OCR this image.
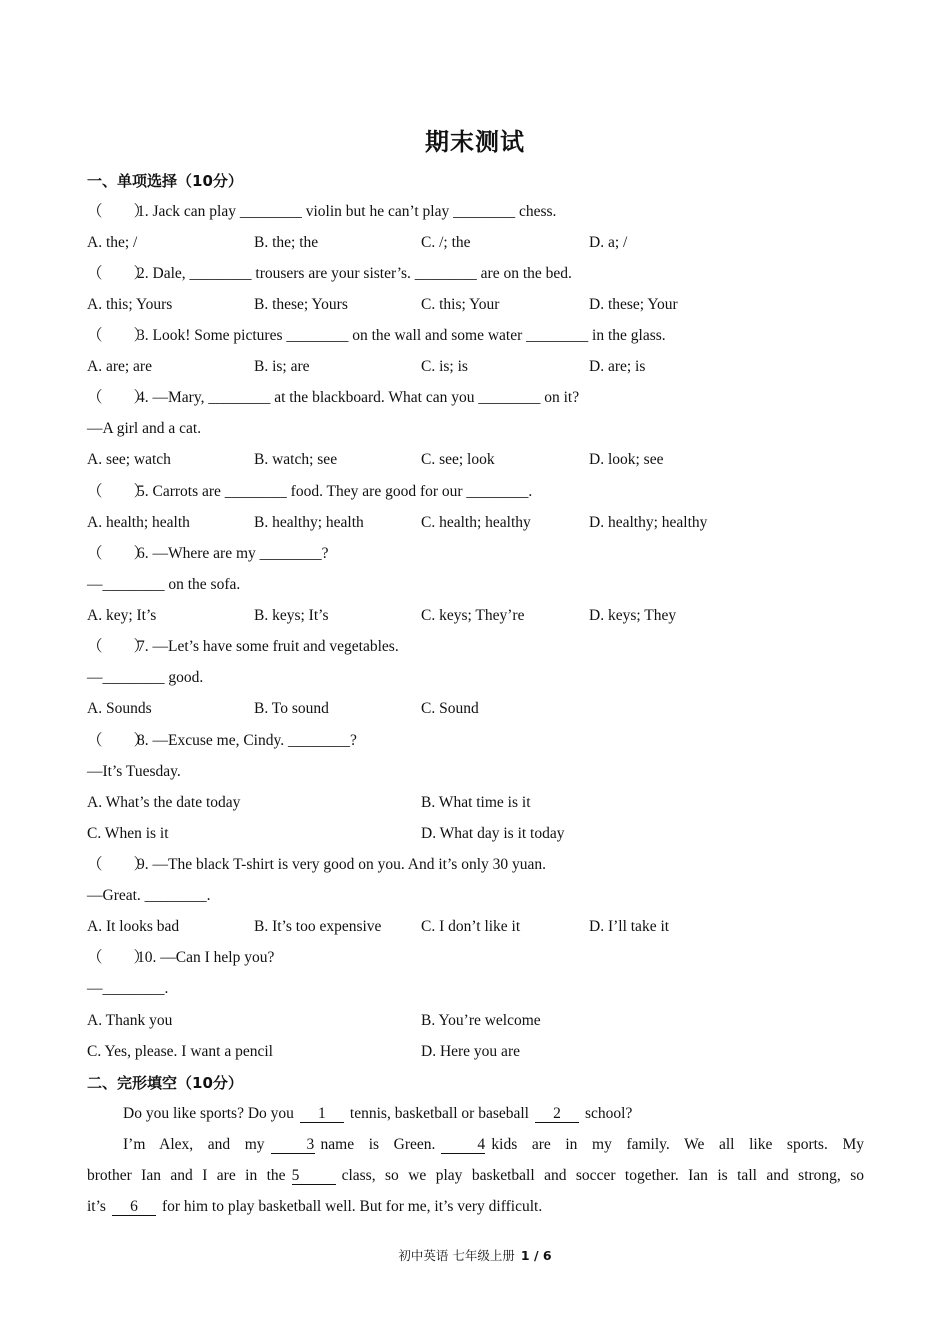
期末测试
一、单项选择（10分）
（　　）1. Jack can play ________ violin but he can’t play ________ chess.
A. the; /	B. the; the	C. /; the	D. a; /
（　　）2. Dale, ________ trousers are your sister’s. ________ are on the bed.
A. this; Yours	B. these; Yours	C. this; Your	D. these; Your
（　　）3. Look! Some pictures ________ on the wall and some water ________ in the glass.
A. are; are	B. is; are	C. is; is	D. are; is
（　　）4. —Mary, ________ at the blackboard. What can you ________ on it?
—A girl and a cat.
A. see; watch	B. watch; see	C. see; look	D. look; see
（　　）5. Carrots are ________ food. They are good for our ________.
A. health; health	B. healthy; health	C. health; healthy	D. healthy; healthy
（　　）6. —Where are my ________?
—________ on the sofa.
A. key; It’s	B. keys; It’s	C. keys; They’re	D. keys; They
（　　）7. —Let’s have some fruit and vegetables.
—________ good.
A. Sounds	B. To sound	C. Sound
（　　）8. —Excuse me, Cindy. ________?
—It’s Tuesday.
A. What’s the date today	B. What time is it
C. When is it	D. What day is it today
（　　）9. —The black T-shirt is very good on you. And it’s only 30 yuan.
—Great. ________.
A. It looks bad	B. It’s too expensive	C. I don’t like it	D. I’ll take it
（　　）10. —Can I help you?
—________.
A. Thank you	B. You’re welcome
C. Yes, please. I want a pencil	D. Here you are
二、完形填空（10分）
Do you like sports? Do you 1 tennis, basketball or baseball 2 school?
I’m Alex, and my	3 name is Green.	4 kids are in my family. We all like sports. My
brother Ian and I are in the 5	class, so we play basketball and soccer together. Ian is tall and strong, so
it’s 6 for him to play basketball well. But for me, it’s very difficult.
初中英语 七年级上册 1 / 6
